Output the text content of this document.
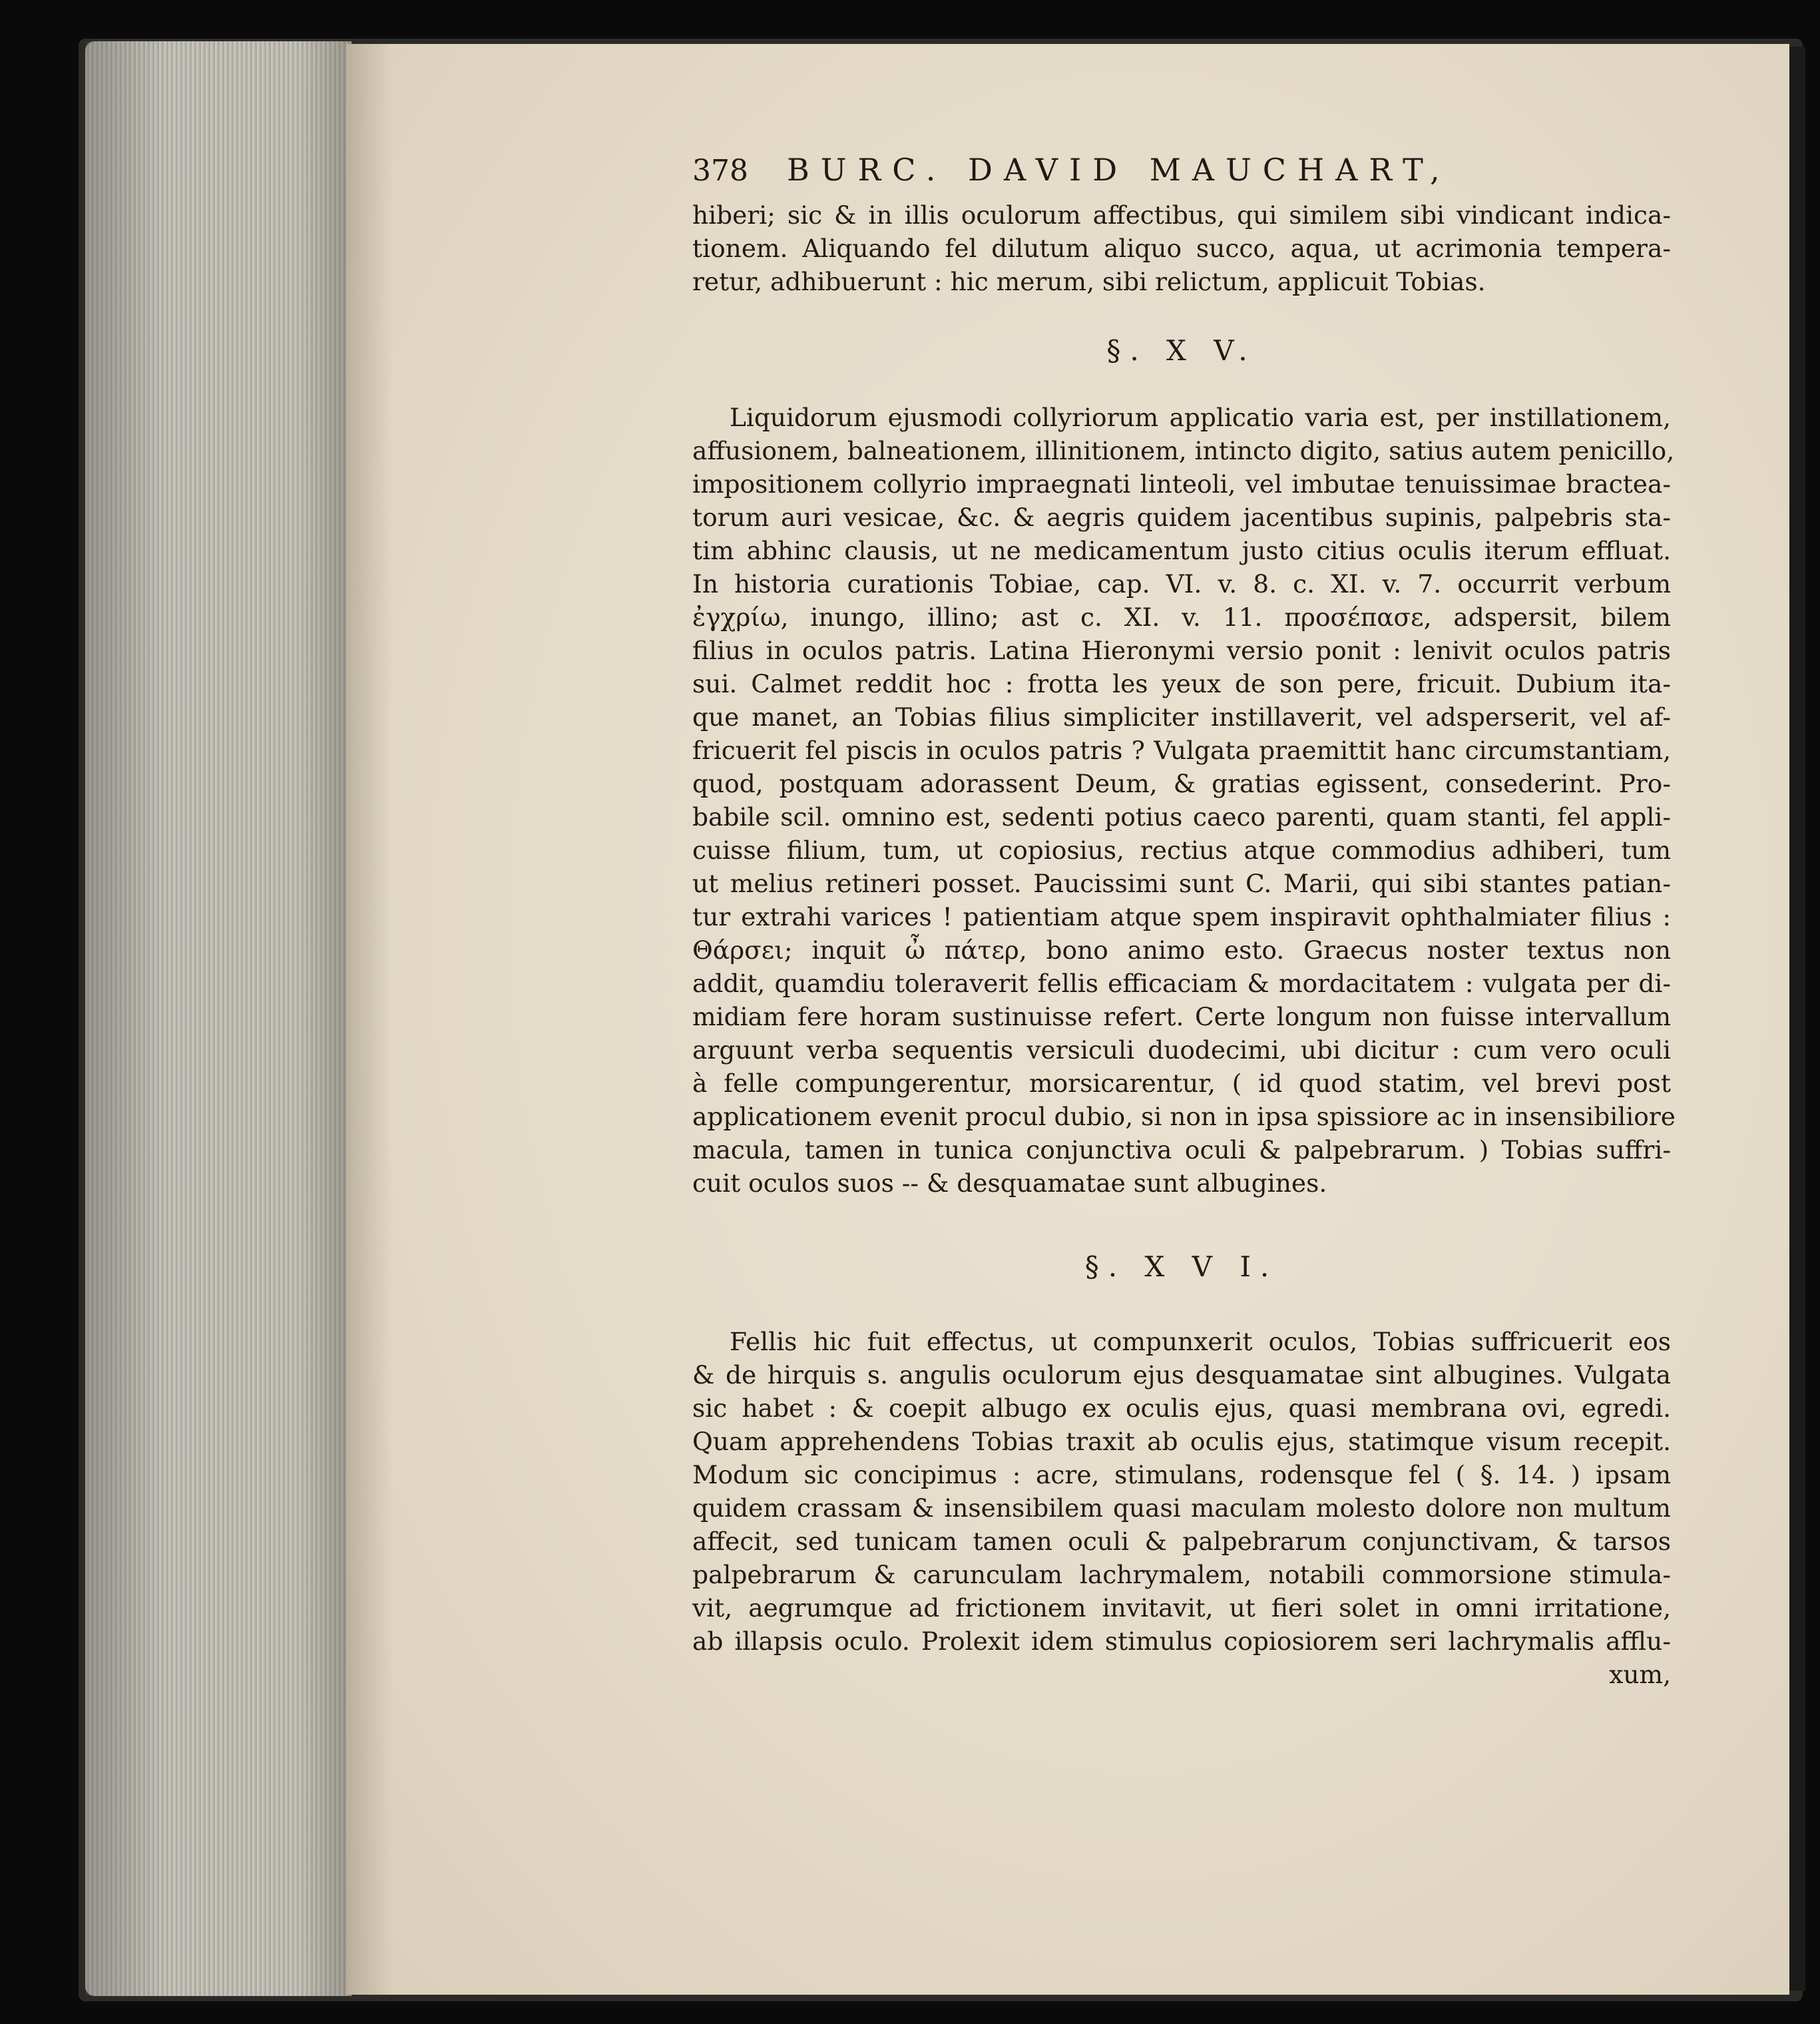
378 BURC. DAVID MAUCHART,
hiberi; sic & in illis oculorum affectibus, qui similem sibi vindicant indica-
tionem. Aliquando fel dilutum aliquo succo, aqua, ut acrimonia tempera-
retur, adhibuerunt : hic merum, sibi relictum, applicuit Tobias.
§. X V.
Liquidorum ejusmodi collyriorum applicatio varia est, per instillationem,
affusionem, balneationem, illinitionem, intincto digito, satius autem penicillo,
impositionem collyrio impraegnati linteoli, vel imbutae tenuissimae bractea-
torum auri vesicae, &c. & aegris quidem jacentibus supinis, palpebris sta-
tim abhinc clausis, ut ne medicamentum justo citius oculis iterum effluat.
In historia curationis Tobiae, cap. VI. v. 8. c. XI. v. 7. occurrit verbum
ἐγχρίω, inungo, illino; ast c. XI. v. 11. προσέπασε, adspersit, bilem
filius in oculos patris. Latina Hieronymi versio ponit : lenivit oculos patris
sui. Calmet reddit hoc : frotta les yeux de son pere, fricuit. Dubium ita-
que manet, an Tobias filius simpliciter instillaverit, vel adsperserit, vel af-
fricuerit fel piscis in oculos patris ? Vulgata praemittit hanc circumstantiam,
quod, postquam adorassent Deum, & gratias egissent, consederint. Pro-
babile scil. omnino est, sedenti potius caeco parenti, quam stanti, fel appli-
cuisse filium, tum, ut copiosius, rectius atque commodius adhiberi, tum
ut melius retineri posset. Paucissimi sunt C. Marii, qui sibi stantes patian-
tur extrahi varices ! patientiam atque spem inspiravit ophthalmiater filius :
Θάρσει; inquit ὦ πάτερ, bono animo esto. Graecus noster textus non
addit, quamdiu toleraverit fellis efficaciam & mordacitatem : vulgata per di-
midiam fere horam sustinuisse refert. Certe longum non fuisse intervallum
arguunt verba sequentis versiculi duodecimi, ubi dicitur : cum vero oculi
à felle compungerentur, morsicarentur, ( id quod statim, vel brevi post
applicationem evenit procul dubio, si non in ipsa spissiore ac in insensibiliore
macula, tamen in tunica conjunctiva oculi & palpebrarum. ) Tobias suffri-
cuit oculos suos -- & desquamatae sunt albugines.
§. X V I.
Fellis hic fuit effectus, ut compunxerit oculos, Tobias suffricuerit eos
& de hirquis s. angulis oculorum ejus desquamatae sint albugines. Vulgata
sic habet : & coepit albugo ex oculis ejus, quasi membrana ovi, egredi.
Quam apprehendens Tobias traxit ab oculis ejus, statimque visum recepit.
Modum sic concipimus : acre, stimulans, rodensque fel ( §. 14. ) ipsam
quidem crassam & insensibilem quasi maculam molesto dolore non multum
affecit, sed tunicam tamen oculi & palpebrarum conjunctivam, & tarsos
palpebrarum & carunculam lachrymalem, notabili commorsione stimula-
vit, aegrumque ad frictionem invitavit, ut fieri solet in omni irritatione,
ab illapsis oculo. Prolexit idem stimulus copiosiorem seri lachrymalis afflu-
xum,
